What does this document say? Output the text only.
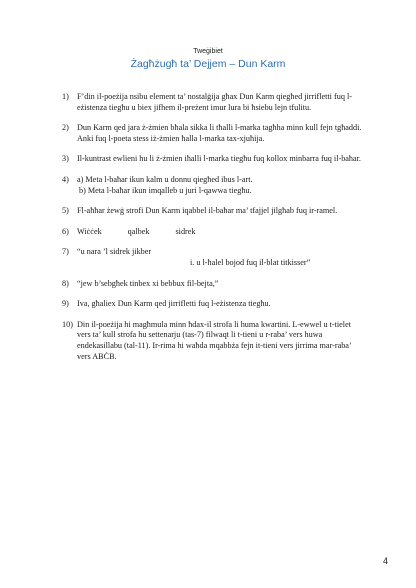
Tweġibiet
Żagħżugħ ta’ Dejjem – Dun Karm
1) F’din il-poeżija nsibu element ta’ nostalġija għax Dun Karm qiegħed jirrifletti fuq l-eżistenza tiegħu u biex jifhem il-preżent imur lura bi ħsiebu lejn tfulitu.
2) Dun Karm qed jara ż-żmien bħala sikka li tħalli l-marka tagħha minn kull fejn tgħaddi. Anki fuq l-poeta stess iż-żmien ħalla l-marka tax-xjuħija.
3) Il-kuntrast ewlieni hu li ż-żmien iħalli l-marka tiegħu fuq kollox minbarra fuq il-baħar.
4) a) Meta l-baħar ikun kalm u donnu qiegħed ibus l-art.
b) Meta l-baħar ikun imqalleb u juri l-qawwa tiegħu.
5) Fl-aħħar żewġ strofi Dun Karm iqabbel il-baħar ma’ tfajjel jilgħab fuq ir-ramel.
6) Wiċċek	qalbek	sidrek
7) “u nara ’l sidrek jikber
i. u l-ħalel bojod fuq il-blat titkisser”
8) “jew b’sebgħek tinbex xi bebbux fil-bejta,”
9) Iva, għaliex Dun Karm qed jirrifletti fuq l-eżistenza tiegħu.
10) Din il-poeżija hi magħmula minn ħdax-il strofa li huma kwartini. L-ewwel u t-tielet vers ta’ kull strofa hu settenarju (tas-7) filwaqt li t-tieni u r-raba’ vers huwa endekasillabu (tal-11). Ir-rima hi waħda mqabbża fejn it-tieni vers jirrima mar-raba’ vers ABĊB.
4
